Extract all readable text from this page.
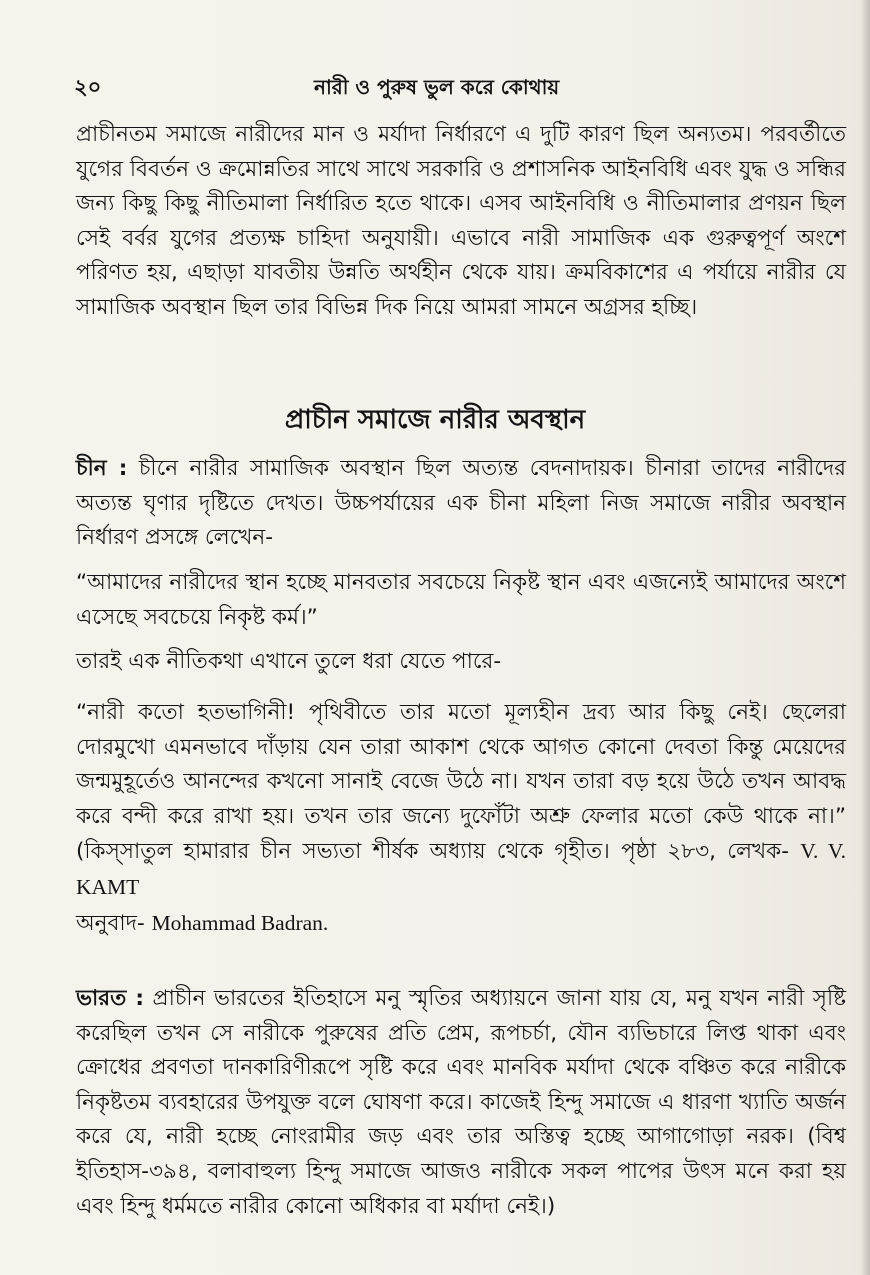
২০	নারী ও পুরুষ ভুল করে কোথায়
প্রাচীনতম সমাজে নারীদের মান ও মর্যাদা নির্ধারণে এ দুটি কারণ ছিল অন্যতম। পরবর্তীতে যুগের বিবর্তন ও ক্রমোন্নতির সাথে সাথে সরকারি ও প্রশাসনিক আইনবিধি এবং যুদ্ধ ও সন্ধির জন্য কিছু কিছু নীতিমালা নির্ধারিত হতে থাকে। এসব আইনবিধি ও নীতিমালার প্রণয়ন ছিল সেই বর্বর যুগের প্রত্যক্ষ চাহিদা অনুযায়ী। এভাবে নারী সামাজিক এক গুরুত্বপূর্ণ অংশে পরিণত হয়, এছাড়া যাবতীয় উন্নতি অর্থহীন থেকে যায়। ক্রমবিকাশের এ পর্যায়ে নারীর যে সামাজিক অবস্থান ছিল তার বিভিন্ন দিক নিয়ে আমরা সামনে অগ্রসর হচ্ছি।
প্রাচীন সমাজে নারীর অবস্থান
চীন : চীনে নারীর সামাজিক অবস্থান ছিল অত্যন্ত বেদনাদায়ক। চীনারা তাদের নারীদের অত্যন্ত ঘৃণার দৃষ্টিতে দেখত। উচ্চপর্যায়ের এক চীনা মহিলা নিজ সমাজে নারীর অবস্থান নির্ধারণ প্রসঙ্গে লেখেন-
“আমাদের নারীদের স্থান হচ্ছে মানবতার সবচেয়ে নিকৃষ্ট স্থান এবং এজন্যেই আমাদের অংশে এসেছে সবচেয়ে নিকৃষ্ট কর্ম।”
তারই এক নীতিকথা এখানে তুলে ধরা যেতে পারে-
“নারী কতো হতভাগিনী! পৃথিবীতে তার মতো মূল্যহীন দ্রব্য আর কিছু নেই। ছেলেরা দোরমুখো এমনভাবে দাঁড়ায় যেন তারা আকাশ থেকে আগত কোনো দেবতা কিন্তু মেয়েদের জন্মমুহূর্তেও আনন্দের কখনো সানাই বেজে উঠে না। যখন তারা বড় হয়ে উঠে তখন আবদ্ধ করে বন্দী করে রাখা হয়। তখন তার জন্যে দুফোঁটা অশ্রু ফেলার মতো কেউ থাকে না।” (কিস্সাতুল হামারার চীন সভ্যতা শীর্ষক অধ্যায় থেকে গৃহীত। পৃষ্ঠা ২৮৩, লেখক- V. V. KAMT
অনুবাদ- Mohammad Badran.
ভারত : প্রাচীন ভারতের ইতিহাসে মনু স্মৃতির অধ্যায়নে জানা যায় যে, মনু যখন নারী সৃষ্টি করেছিল তখন সে নারীকে পুরুষের প্রতি প্রেম, রূপচর্চা, যৌন ব্যভিচারে লিপ্ত থাকা এবং ক্রোধের প্রবণতা দানকারিণীরূপে সৃষ্টি করে এবং মানবিক মর্যাদা থেকে বঞ্চিত করে নারীকে নিকৃষ্টতম ব্যবহারের উপযুক্ত বলে ঘোষণা করে। কাজেই হিন্দু সমাজে এ ধারণা খ্যাতি অর্জন করে যে, নারী হচ্ছে নোংরামীর জড় এবং তার অস্তিত্ব হচ্ছে আগাগোড়া নরক। (বিশ্ব ইতিহাস-৩৯৪, বলাবাহুল্য হিন্দু সমাজে আজও নারীকে সকল পাপের উৎস মনে করা হয় এবং হিন্দু ধর্মমতে নারীর কোনো অধিকার বা মর্যাদা নেই।)
